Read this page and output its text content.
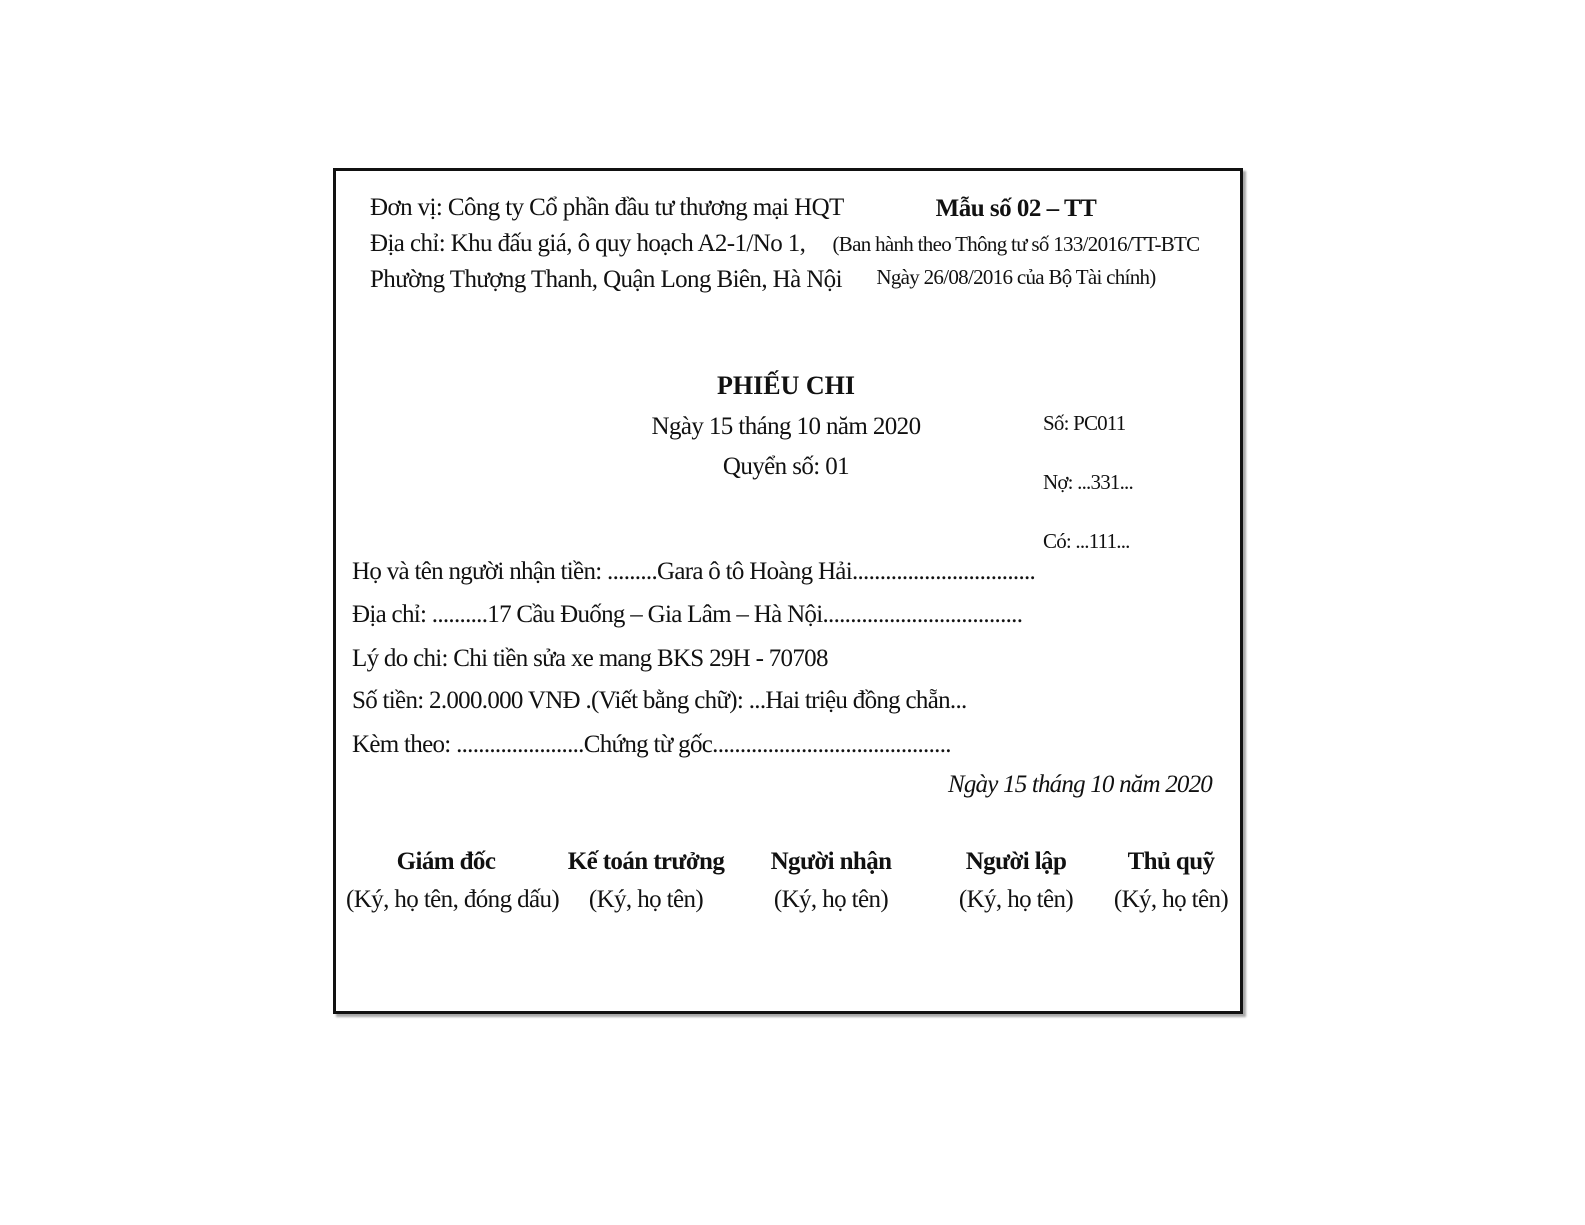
Đơn vị: Công ty Cổ phần đầu tư thương mại HQT
Địa chỉ: Khu đấu giá, ô quy hoạch A2-1/No 1,
Phường Thượng Thanh, Quận Long Biên, Hà Nội
Mẫu số 02 – TT
(Ban hành theo Thông tư số 133/2016/TT-BTC
Ngày 26/08/2016 của Bộ Tài chính)
PHIẾU CHI
Ngày 15 tháng 10 năm 2020
Quyển số: 01
Số: PC011
Nợ: ...331...
Có: ...111...
Họ và tên người nhận tiền: .........Gara ô tô Hoàng Hải.................................
Địa chỉ: ..........17 Cầu Đuống – Gia Lâm – Hà Nội....................................
Lý do chi: Chi tiền sửa xe mang BKS 29H - 70708
Số tiền: 2.000.000 VNĐ .(Viết bằng chữ): ...Hai triệu đồng chẵn...
Kèm theo: .......................Chứng từ gốc...........................................
Ngày 15 tháng 10 năm 2020
Giám đốc
(Ký, họ tên, đóng dấu)
Kế toán trưởng
(Ký, họ tên)
Người nhận
(Ký, họ tên)
Người lập
(Ký, họ tên)
Thủ quỹ
(Ký, họ tên)
